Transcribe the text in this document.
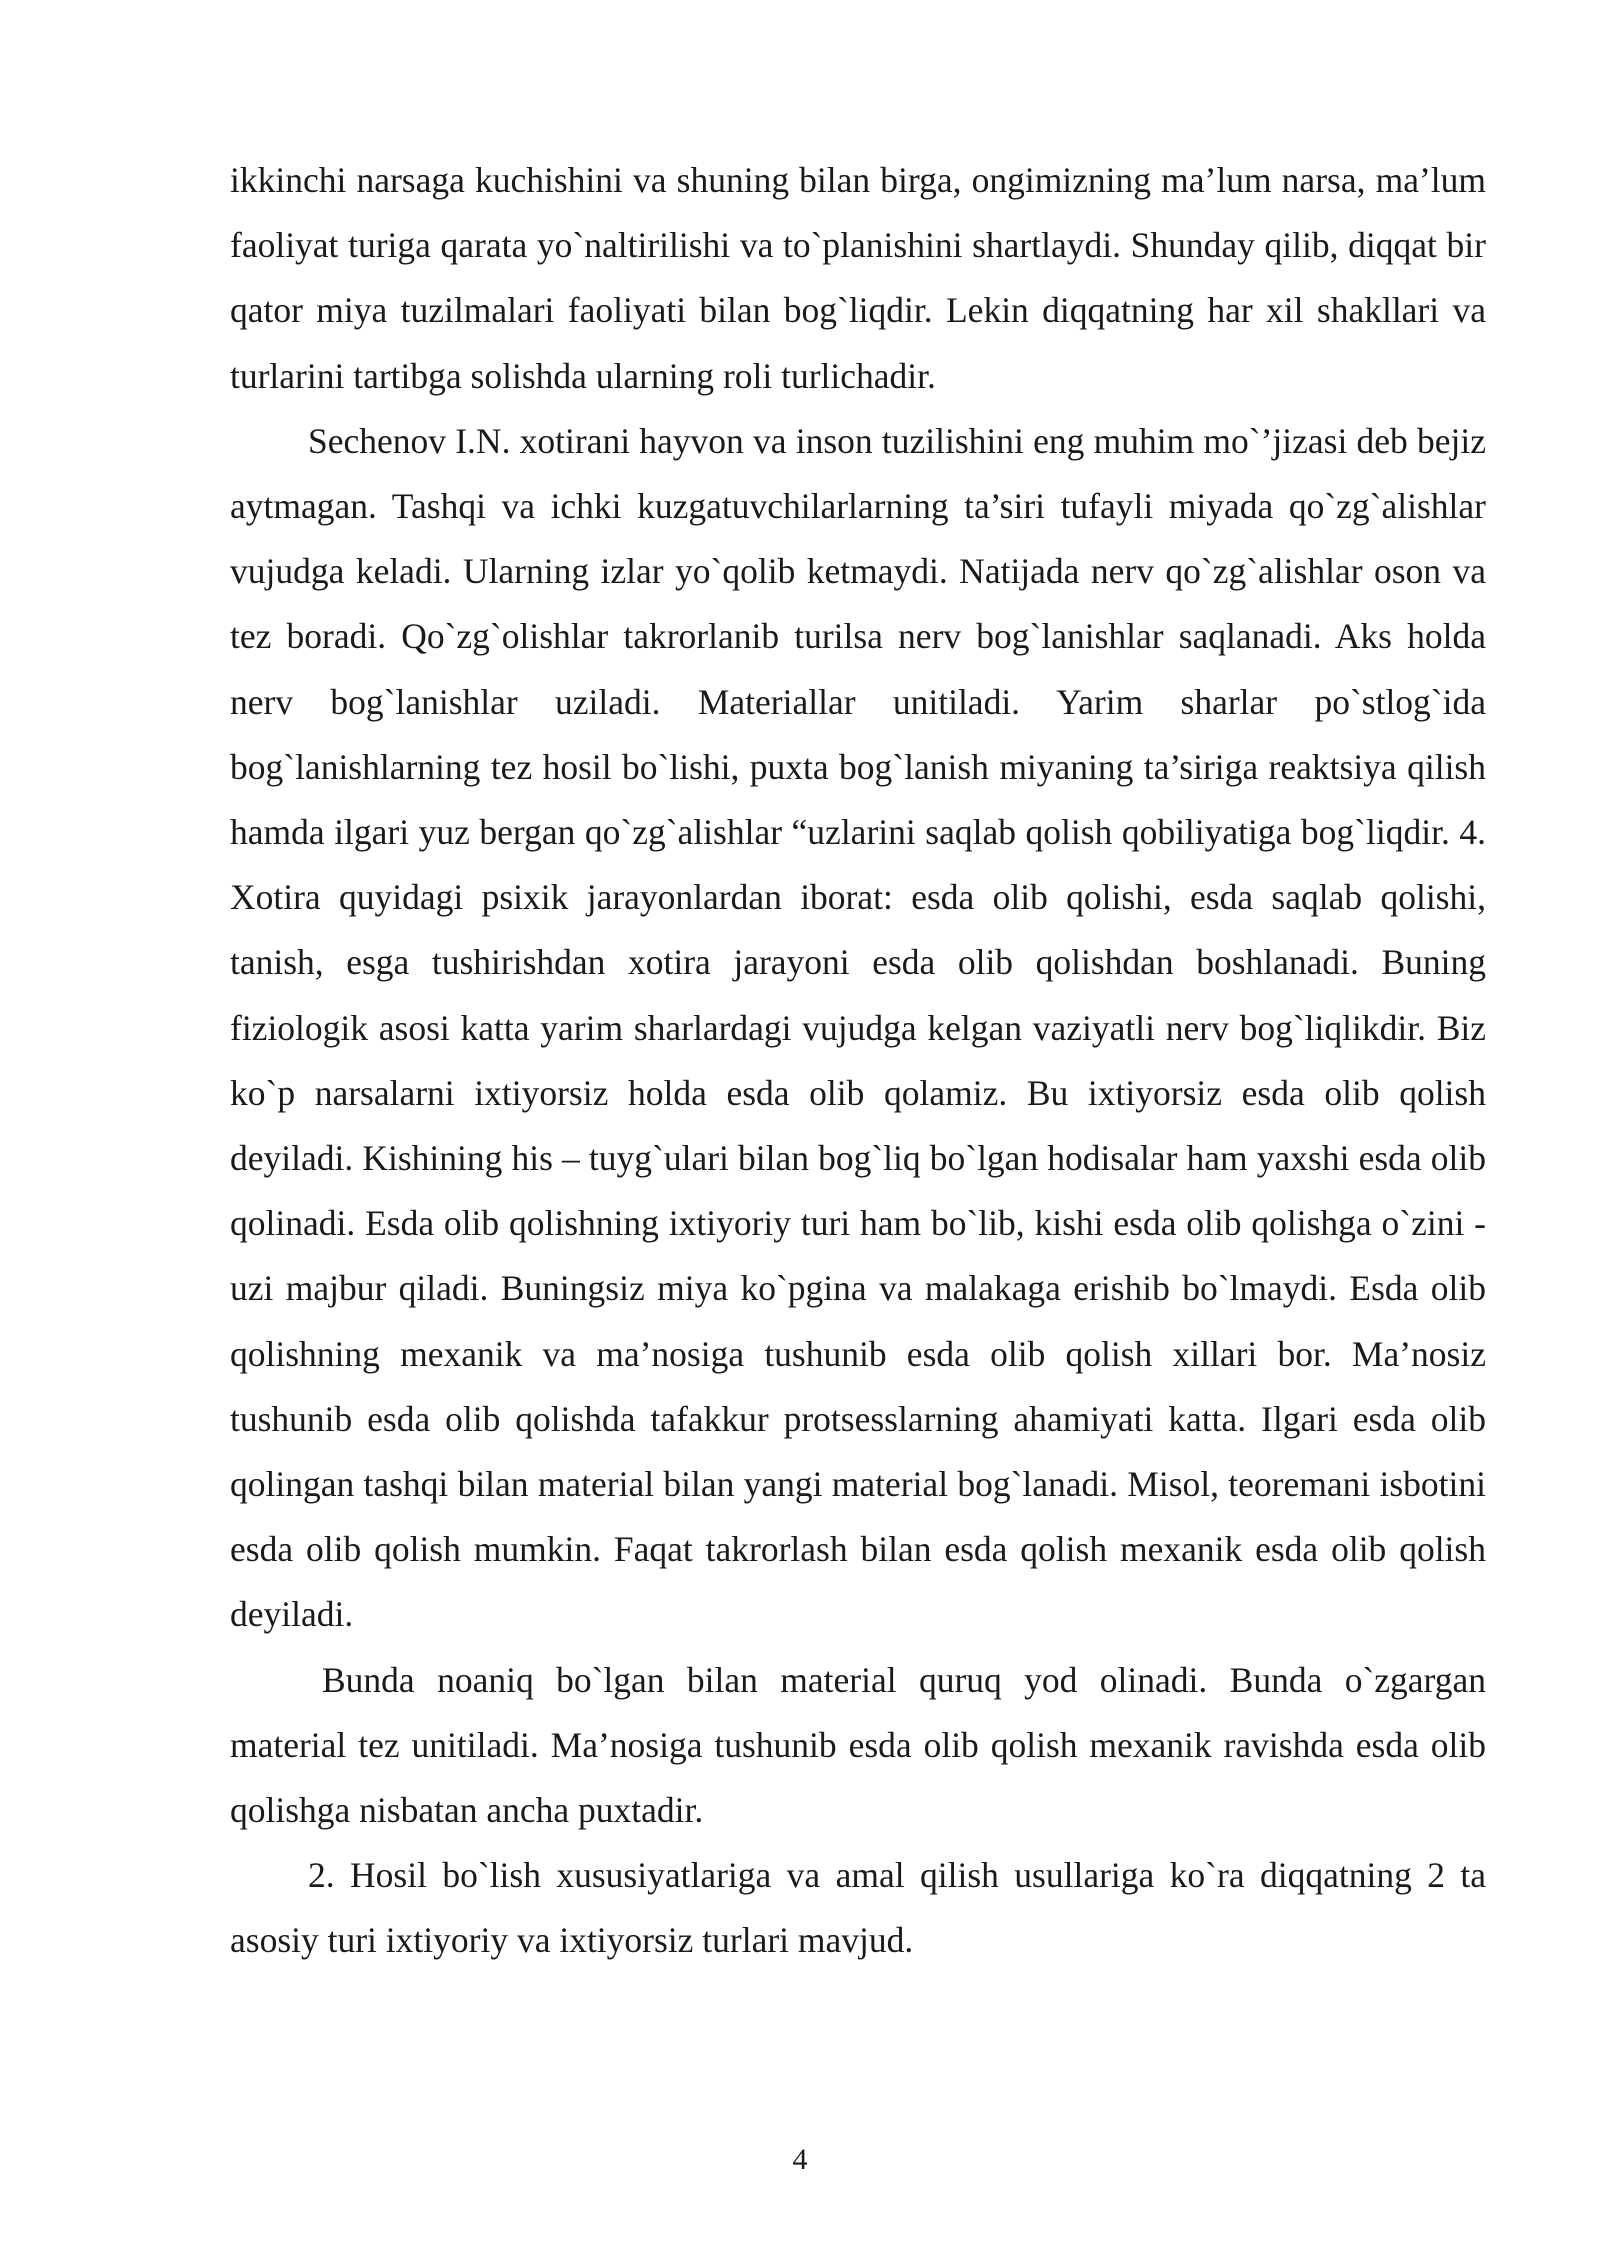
ikkinchi narsaga kuchishini va shuning bilan birga, ongimizning ma’lum narsa, ma’lum faoliyat turiga qarata yo`naltirilishi va to`planishini shartlaydi. Shunday qilib, diqqat bir qator miya tuzilmalari faoliyati bilan bog`liqdir. Lekin diqqatning har xil shakllari va turlarini tartibga solishda ularning roli turlichadir.

Sechenov I.N. xotirani hayvon va inson tuzilishini eng muhim mo`’jizasi deb bejiz aytmagan. Tashqi va ichki kuzgatuvchilarlarning ta’siri tufayli miyada qo`zg`alishlar vujudga keladi. Ularning izlar yo`qolib ketmaydi. Natijada nerv qo`zg`alishlar oson va tez boradi. Qo`zg`olishlar takrorlanib turilsa nerv bog`lanishlar saqlanadi. Aks holda nerv bog`lanishlar uziladi. Materiallar unitiladi. Yarim sharlar po`stlog`ida bog`lanishlarning tez hosil bo`lishi, puxta bog`lanish miyaning ta’siriga reaktsiya qilish hamda ilgari yuz bergan qo`zg`alishlar “uzlarini saqlab qolish qobiliyatiga bog`liqdir. 4. Xotira quyidagi psixik jarayonlardan iborat: esda olib qolishi, esda saqlab qolishi, tanish, esga tushirishdan xotira jarayoni esda olib qolishdan boshlanadi. Buning fiziologik asosi katta yarim sharlardagi vujudga kelgan vaziyatli nerv bog`liqlikdir. Biz ko`p narsalarni ixtiyorsiz holda esda olib qolamiz. Bu ixtiyorsiz esda olib qolish deyiladi. Kishining his – tuyg`ulari bilan bog`liq bo`lgan hodisalar ham yaxshi esda olib qolinadi. Esda olib qolishning ixtiyoriy turi ham bo`lib, kishi esda olib qolishga o`zini - uzi majbur qiladi. Buningsiz miya ko`pgina va malakaga erishib bo`lmaydi. Esda olib qolishning mexanik va ma’nosiga tushunib esda olib qolish xillari bor. Ma’nosiz tushunib esda olib qolishda tafakkur protsesslarning ahamiyati katta. Ilgari esda olib qolingan tashqi bilan material bilan yangi material bog`lanadi. Misol, teoremani isbotini esda olib qolish mumkin. Faqat takrorlash bilan esda qolish mexanik esda olib qolish deyiladi.

Bunda noaniq bo`lgan bilan material quruq yod olinadi. Bunda o`zgargan material tez unitiladi. Ma’nosiga tushunib esda olib qolish mexanik ravishda esda olib qolishga nisbatan ancha puxtadir.

2. Hosil bo`lish xususiyatlariga va amal qilish usullariga ko`ra diqqatning 2 ta asosiy turi ixtiyoriy va ixtiyorsiz turlari mavjud.

4
